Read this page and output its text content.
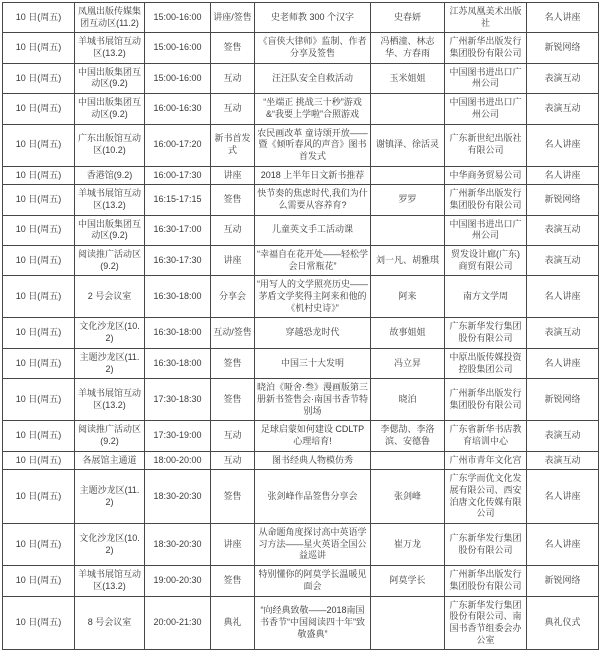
10 日(周五)	凤凰出版传媒集团互动区(11.2)	15:00-16:00	讲座/签售	史老师教 300 个汉字	史春妍	江苏凤凰美术出版社	名人讲座
10 日(周五)	羊城书展馆互动区(13.2)	15:00-16:00	签售	《盲侠大律师》监制、作者分享及签售	冯栖潼、林志华、方春雨	广州新华出版发行集团股份有限公司	新锐网络
10 日(周五)	中国出版集团互动区(9.2)	15:00-16:00	互动	汪汪队安全自救活动	玉米姐姐	中国图书进出口广州公司	表演互动
10 日(周五)	中国出版集团互动区(9.2)	16:00-16:30	互动	“坐端正 挑战三十秒”游戏&“我要上学啦”合照游戏		中国图书进出口广州公司	表演互动
10 日(周五)	广东出版馆互动区(10.2)	16:00-17:20	新书首发式	农民画改革 童诗颂开放——暨《倾听春风的声音》图书首发式	谢镇泽、徐活灵	广东新世纪出版社有限公司	名人讲座
10 日(周五)	香港馆(9.2)	16:00-17:30	讲座	2018 上半年日文新书推荐		中华商务贸易公司	名人讲座
10 日(周五)	羊城书展馆互动区(13.2)	16:15-17:15	签售	快节奏的焦虑时代,我们为什么需要从容养育?	罗罗	广州新华出版发行集团股份有限公司	新锐网络
10 日(周五)	中国出版集团互动区(9.2)	16:30-17:00	互动	儿童英文手工活动课		中国图书进出口广州公司	表演互动
10 日(周五)	阅读推广活动区(9.2)	16:30-17:30	讲座	“幸福自在花开处——轻松学会日常瓶花”	刘一凡、胡雅琪	贸发设计廊(广东)商贸有限公司	表演互动
10 日(周五)	2 号会议室	16:30-18:00	分享会	“用写人的文学照亮历史——茅盾文学奖得主阿来和他的《机村史诗》”	阿来	南方文学周	名人讲座
10 日(周五)	文化沙龙区(10.2)	16:30-18:00	互动/签售	穿越恐龙时代	故事姐姐	广东新华发行集团股份有限公司	表演互动
10 日(周五)	主题沙龙区(11.2)	16:30-18:00	签售	中国三十大发明	冯立昇	中原出版传媒投资控股集团公司	名人讲座
10 日(周五)	羊城书展馆互动区(13.2)	17:30-18:30	签售	晓泊《哑舍·叁》漫画版第三册新书签售会·南国书香节特别场	晓泊	广州新华出版发行集团股份有限公司	新锐网络
10 日(周五)	阅读推广活动区(9.2)	17:30-19:00	互动	足球启蒙如何建设 CDLTP 心理培育!	李偲劼、李洛滨、安德鲁	广东省新华书店教育培训中心	表演互动
10 日(周五)	各展馆主通道	18:00-20:00	互动	图书经典人物模仿秀		广州市青年文化宫	表演互动
10 日(周五)	主题沙龙区(11.2)	18:30-20:30	签售	张剑峰作品签售分享会	张剑峰	广东学而优文化发展有限公司、西安泊唐文化传媒有限公司	名人讲座
10 日(周五)	文化沙龙区(10.2)	18:30-20:30	讲座	从命题角度探讨高中英语学习方法——星火英语全国公益巡讲	崔万龙	广东新华发行集团股份有限公司	名人讲座
10 日(周五)	羊城书展馆互动区(13.2)	19:00-20:30	签售	特别懂你的阿莫学长温暖见面会	阿莫学长	广州新华出版发行集团股份有限公司	新锐网络
10 日(周五)	8 号会议室	20:00-21:30	典礼	“向经典致敬——2018南国书香节“中国阅读四十年”致敬盛典”		广东新华发行集团股份有限公司、南国书香节组委会办公室	典礼仪式
